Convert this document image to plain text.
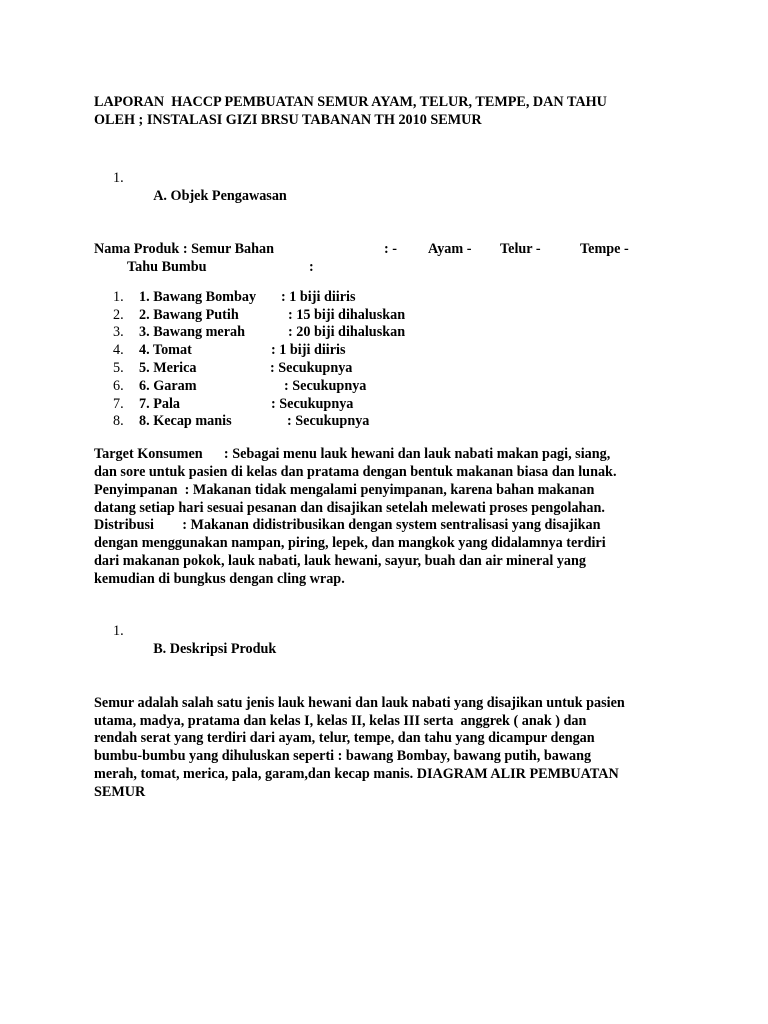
LAPORAN  HACCP PEMBUATAN SEMUR AYAM, TELUR, TEMPE, DAN TAHU
OLEH ; INSTALASI GIZI BRSU TABANAN TH 2010 SEMUR

1.

A. Objek Pengawasan

Nama Produk : Semur Bahan	: - Ayam - Telur -	Tempe -
Tahu Bumbu	:
1.	1. Bawang Bombay : 1 biji diiris
2.	2. Bawang Putih	: 15 biji dihaluskan
3.	3. Bawang merah	: 20 biji dihaluskan
4.	4. Tomat	: 1 biji diiris
5.	5. Merica	: Secukupnya
6.	6. Garam	: Secukupnya
7.	7. Pala	: Secukupnya
8.	8. Kecap manis	: Secukupnya
Target Konsumen      : Sebagai menu lauk hewani dan lauk nabati makan pagi, siang,
dan sore untuk pasien di kelas dan pratama dengan bentuk makanan biasa dan lunak.
Penyimpanan  : Makanan tidak mengalami penyimpanan, karena bahan makanan
datang setiap hari sesuai pesanan dan disajikan setelah melewati proses pengolahan.
Distribusi        : Makanan didistribusikan dengan system sentralisasi yang disajikan
dengan menggunakan nampan, piring, lepek, dan mangkok yang didalamnya terdiri
dari makanan pokok, lauk nabati, lauk hewani, sayur, buah dan air mineral yang
kemudian di bungkus dengan cling wrap.

1.

B. Deskripsi Produk

Semur adalah salah satu jenis lauk hewani dan lauk nabati yang disajikan untuk pasien
utama, madya, pratama dan kelas I, kelas II, kelas III serta  anggrek ( anak ) dan
rendah serat yang terdiri dari ayam, telur, tempe, dan tahu yang dicampur dengan
bumbu-bumbu yang dihuluskan seperti : bawang Bombay, bawang putih, bawang
merah, tomat, merica, pala, garam,dan kecap manis. DIAGRAM ALIR PEMBUATAN
SEMUR
